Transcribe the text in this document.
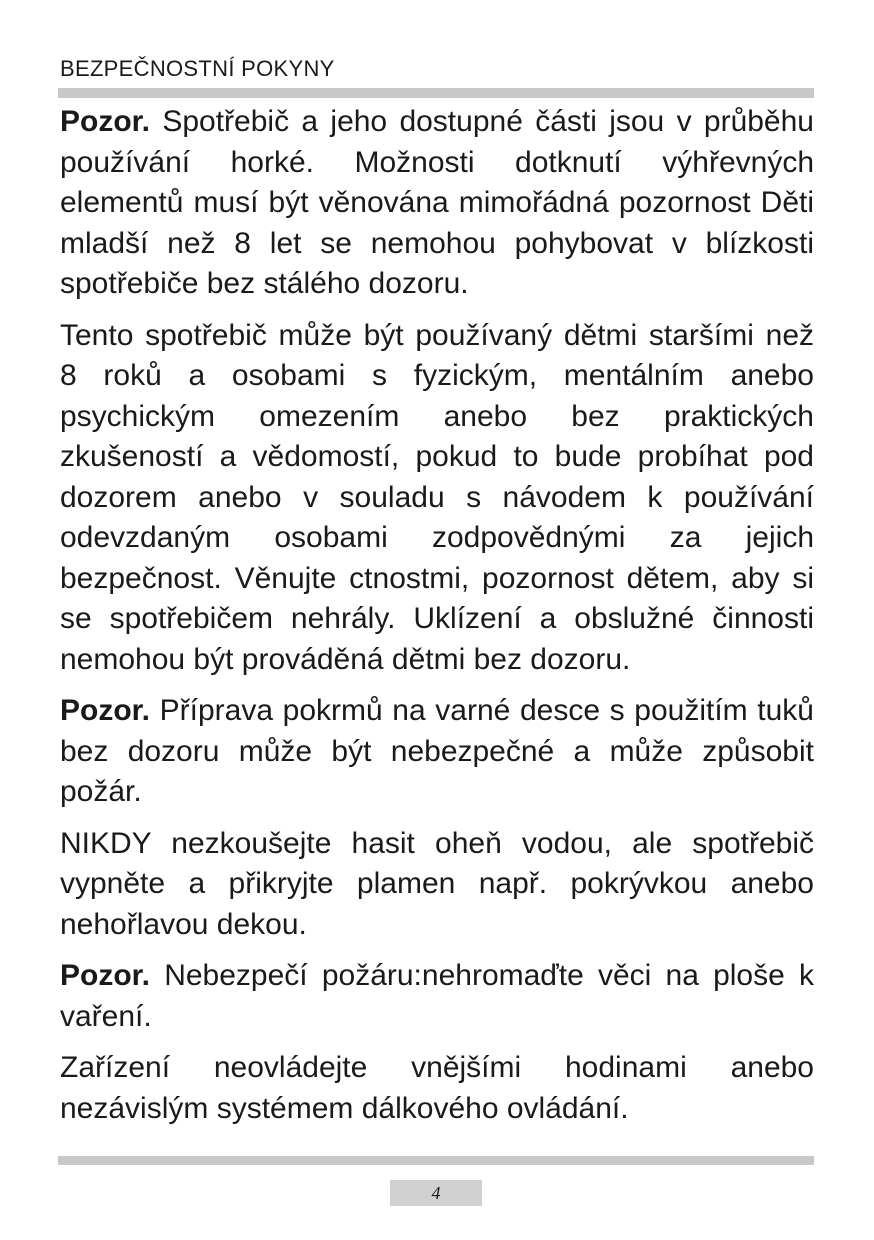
BEZPEČNOSTNÍ POKYNY

Pozor. Spotřebič a jeho dostupné části jsou v průběhu používání horké. Možnosti dotknutí výhřevných elementů musí být věnována mimořádná pozornost Děti mladší než 8 let se nemohou pohybovat v blízkosti spotřebiče bez stálého dozoru.

Tento spotřebič může být používaný dětmi staršími než 8 roků a osobami s fyzickým, mentálním anebo psychickým omezením anebo bez praktických zkušeností a vědomostí, pokud to bude probíhat pod dozorem anebo v souladu s návodem k používání odevzdaným osobami zodpovědnými za jejich bezpečnost. Věnujte ctnostmi, pozornost dětem, aby si se spotřebičem nehrály. Uklízení a obslužné činnosti nemohou být prováděná dětmi bez dozoru.

Pozor. Příprava pokrmů na varné desce s použitím tuků bez dozoru může být nebezpečné a může způsobit požár.

NIKDY nezkoušejte hasit oheň vodou, ale spotřebič vypněte a přikryjte plamen např. pokrývkou anebo nehořlavou dekou.

Pozor. Nebezpečí požáru:nehromaďte věci na ploše k vaření.

Zařízení neovládejte vnějšími hodinami anebo nezávislým systémem dálkového ovládání.

4
